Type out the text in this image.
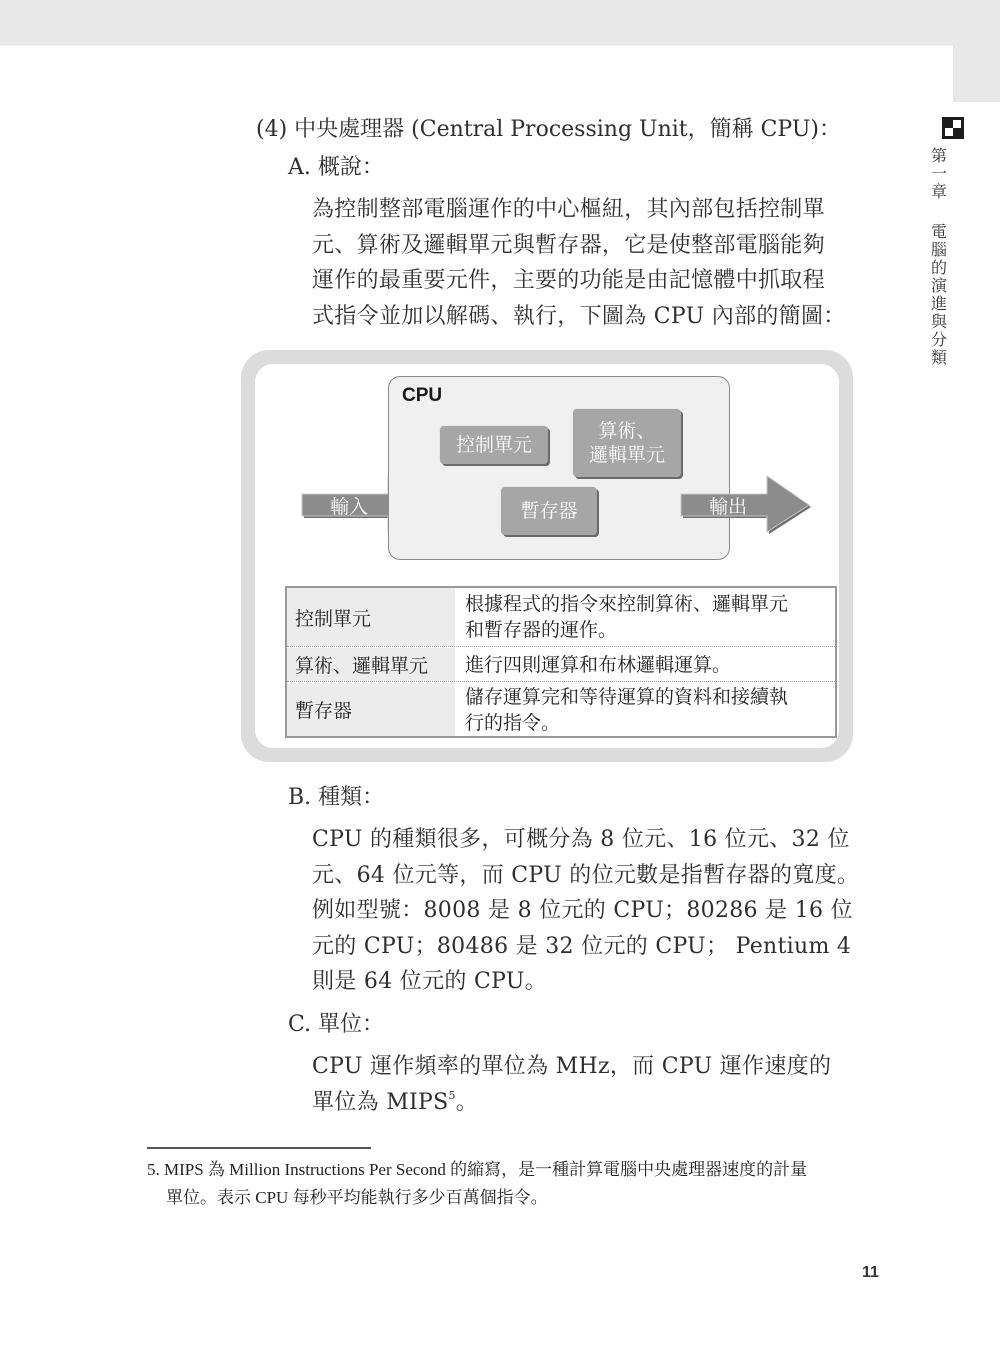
第
一
章
電
腦
的
演
進
與
分
類
(4) 中央處理器 (Central Processing Unit，簡稱 CPU)：
A. 概說：
為控制整部電腦運作的中心樞紐，其內部包括控制單
元、算術及邏輯單元與暫存器，它是使整部電腦能夠
運作的最重要元件，主要的功能是由記憶體中抓取程
式指令並加以解碼、執行，下圖為 CPU 內部的簡圖：
輸入
CPU
控制單元
算術、
邏輯單元
暫存器	輸出
控制單元
根據程式的指令來控制算術、邏輯單元
和暫存器的運作。
算術、邏輯單元	進行四則運算和布林邏輯運算。
暫存器
儲存運算完和等待運算的資料和接續執
行的指令。
B. 種類：
CPU 的種類很多，可概分為 8 位元、16 位元、32 位
元、64 位元等，而 CPU 的位元數是指暫存器的寬度。
例如型號：8008 是 8 位元的 CPU；80286 是 16 位
元的 CPU；80486 是 32 位元的 CPU； Pentium 4
則是 64 位元的 CPU。
C. 單位：
CPU 運作頻率的單位為 MHz，而 CPU 運作速度的
單位為 MIPS$^5$。
5. MIPS 為 Million Instructions Per Second 的縮寫，是一種計算電腦中央處理器速度的計量
單位。表示 CPU 每秒平均能執行多少百萬個指令。
11
